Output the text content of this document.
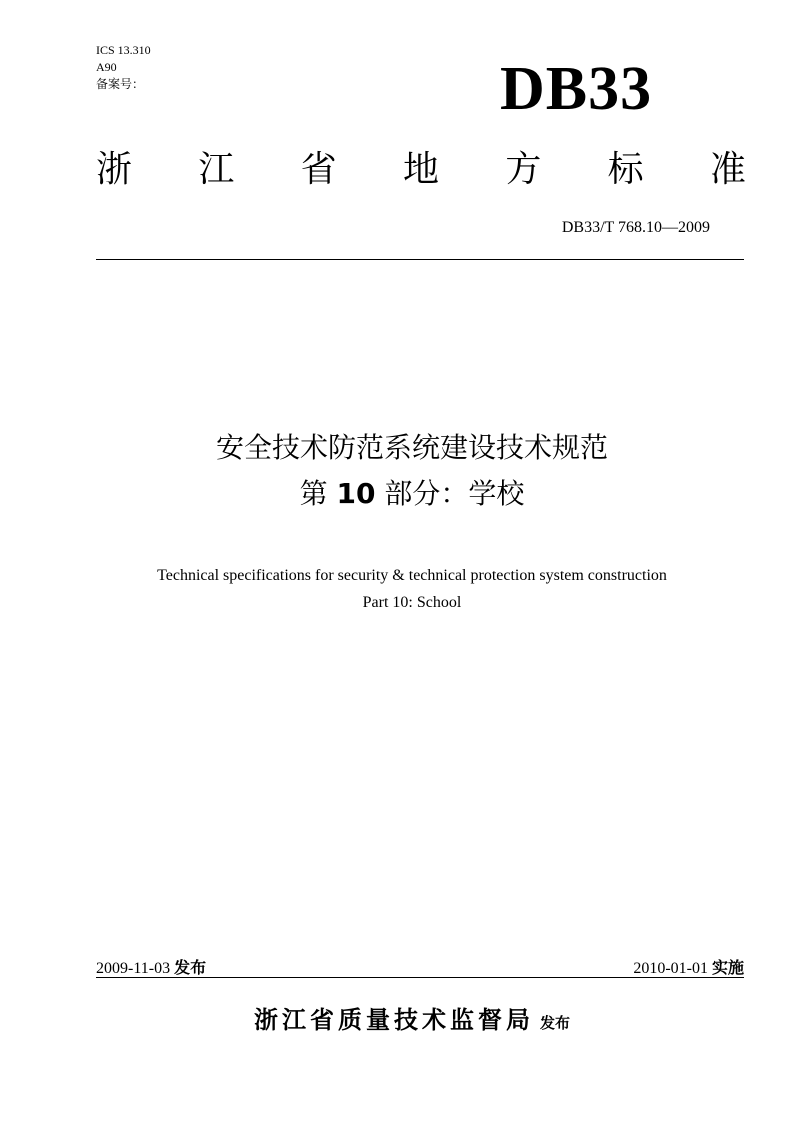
ICS 13.310
A90
备案号：	DB33
浙 江 省 地 方 标 准
DB33/T 768.10—2009
安全技术防范系统建设技术规范
第 10 部分：学校
Technical specifications for security & technical protection system construction
Part 10: School
2009-11-03 发布	2010-01-01 实施
浙江省质量技术监督局 发布
